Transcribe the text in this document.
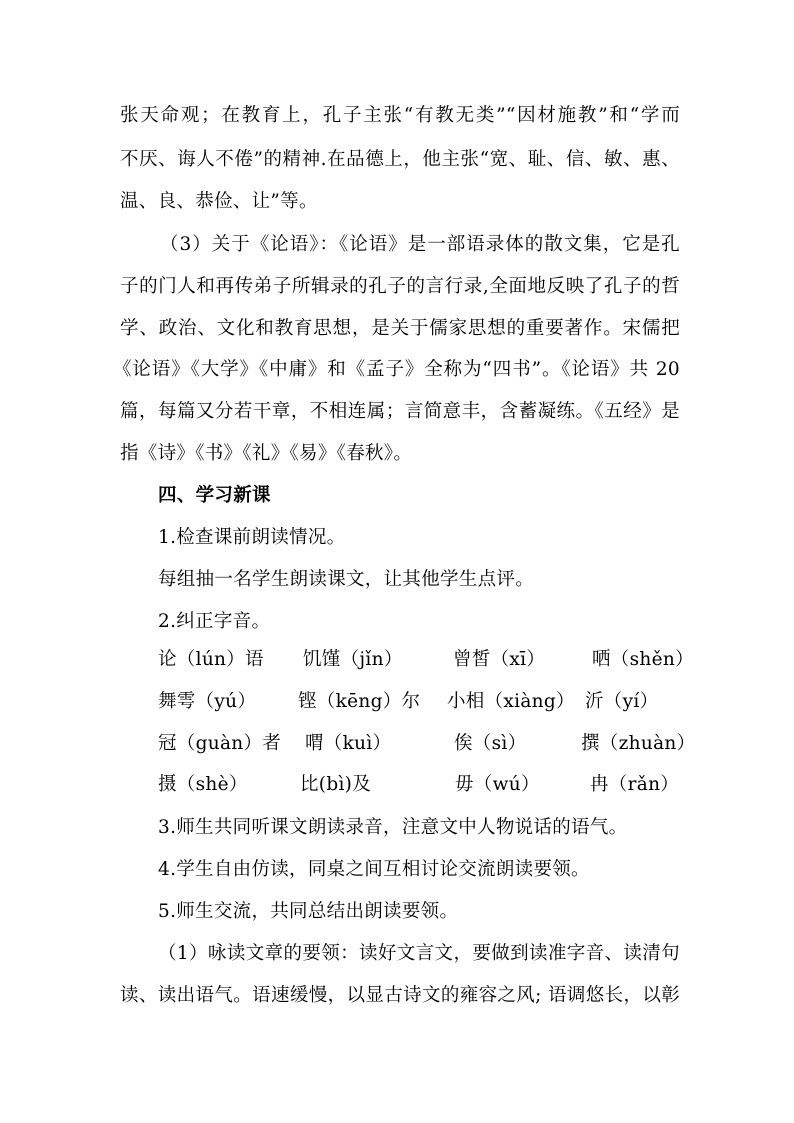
张天命观；在教育上，孔子主张“有教无类”“因材施教”和“学而
不厌、诲人不倦”的精神.在品德上，他主张“宽、耻、信、敏、惠、
温、良、恭俭、让”等。
（3）关于《论语》：《论语》是一部语录体的散文集，它是孔
子的门人和再传弟子所辑录的孔子的言行录,全面地反映了孔子的哲
学、政治、文化和教育思想，是关于儒家思想的重要著作。宋儒把
《论语》《大学》《中庸》和《孟子》全称为“四书”。《论语》共 20
篇，每篇又分若干章，不相连属；言简意丰，含蓄凝练。《五经》是
指《诗》《书》《礼》《易》《春秋》。
四、学习新课
1.检查课前朗读情况。
每组抽一名学生朗读课文，让其他学生点评。
2.纠正字音。
论（lún）语 饥馑（jǐn）	曾皙（xī）	哂（shěn）
舞雩（yú） 铿（kēng）尔 小相（xiàng） 沂（yí）
冠（guàn）者 喟（kuì）	俟（sì）	撰（zhuàn）
摄（shè）	比(bì)及	毋（wú）	冉（rǎn）
3.师生共同听课文朗读录音，注意文中人物说话的语气。
4.学生自由仿读，同桌之间互相讨论交流朗读要领。
5.师生交流，共同总结出朗读要领。
（1）咏读文章的要领：读好文言文，要做到读准字音、读清句
读、读出语气。语速缓慢，以显古诗文的雍容之风; 语调悠长，以彰
